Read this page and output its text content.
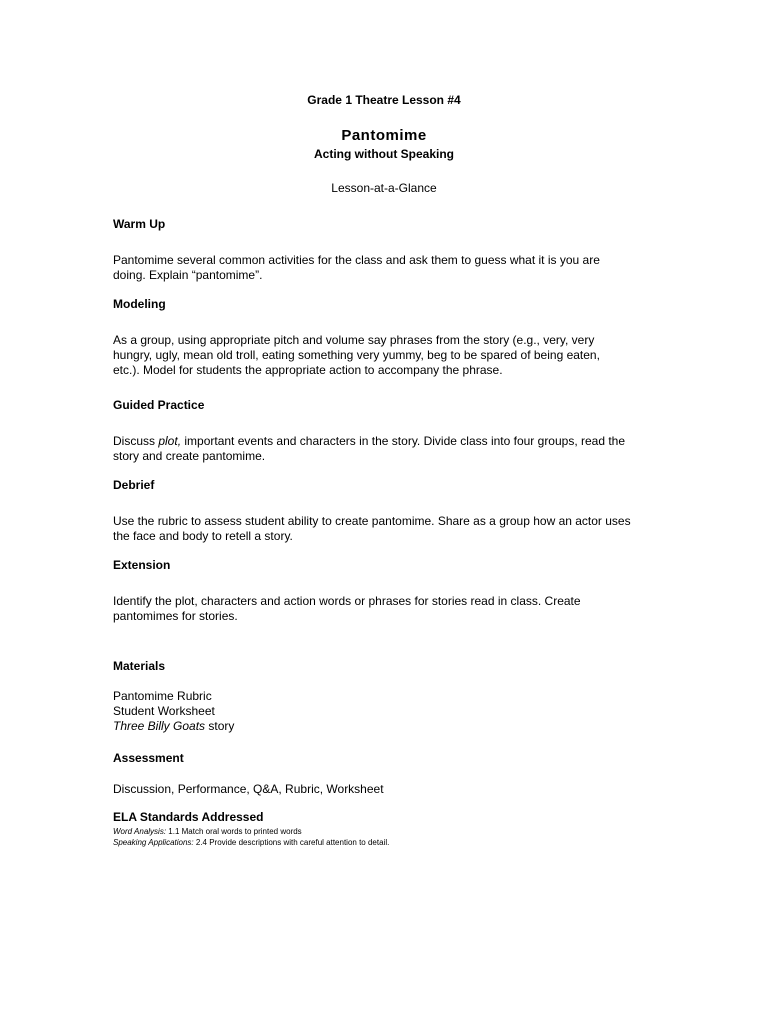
Grade 1 Theatre Lesson #4
Pantomime
Acting without Speaking
Lesson-at-a-Glance
Warm Up
Pantomime several common activities for the class and ask them to guess what it is you are
doing. Explain “pantomime”.
Modeling
As a group, using appropriate pitch and volume say phrases from the story (e.g., very, very
hungry, ugly, mean old troll, eating something very yummy, beg to be spared of being eaten,
etc.). Model for students the appropriate action to accompany the phrase.
Guided Practice
Discuss plot, important events and characters in the story. Divide class into four groups, read the
story and create pantomime.
Debrief
Use the rubric to assess student ability to create pantomime. Share as a group how an actor uses
the face and body to retell a story.
Extension
Identify the plot, characters and action words or phrases for stories read in class. Create
pantomimes for stories.
Materials
Pantomime Rubric
Student Worksheet
Three Billy Goats story
Assessment
Discussion, Performance, Q&A, Rubric, Worksheet
ELA Standards Addressed
Word Analysis: 1.1 Match oral words to printed words
Speaking Applications: 2.4 Provide descriptions with careful attention to detail.
